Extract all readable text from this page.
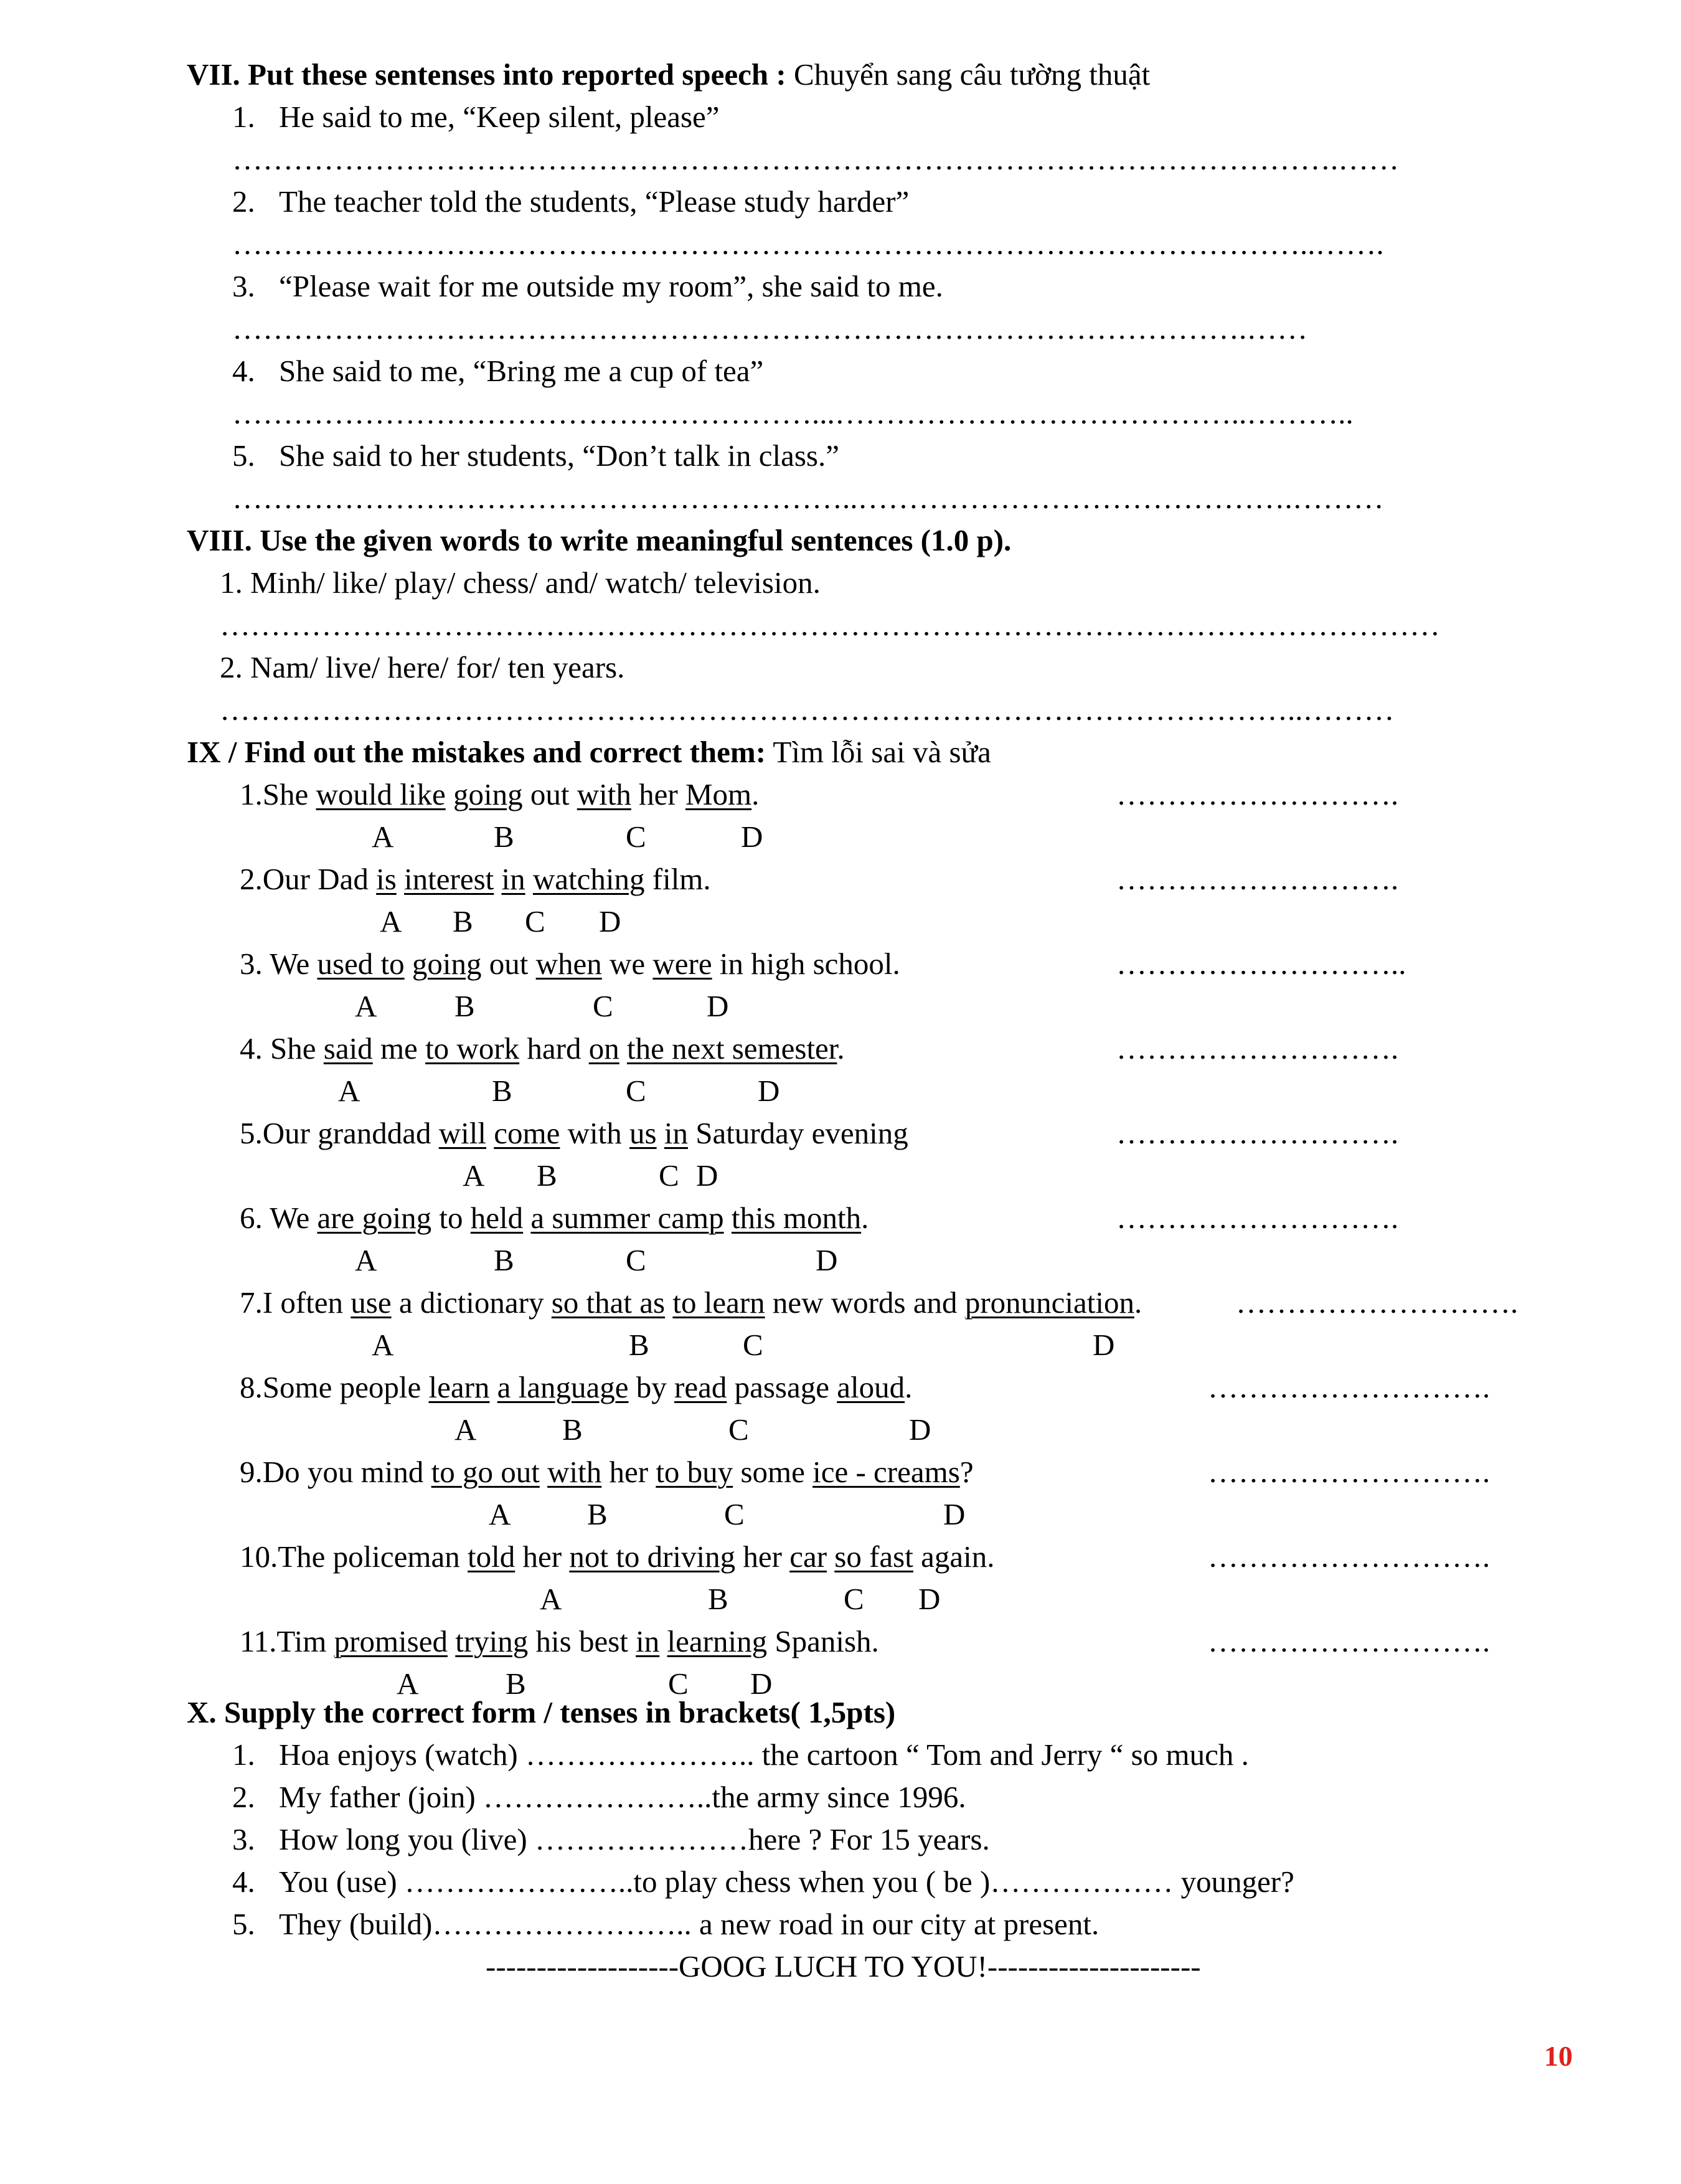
VII. Put these sentenses into reported speech : Chuyển sang câu tường thuật
1. He said to me, “Keep silent, please”
……………………………………………………………………………………………….……
2. The teacher told the students, “Please study harder”
……………………………………………………………………………………………..…….
3. “Please wait for me outside my room”, she said to me.
……………………………………………………………………………………….……
4. She said to me, “Bring me a cup of tea”
…………………………………………………...…………………………………..………..
5. She said to her students, “Don’t talk in class.”
……………………………………………………..…………………………………….………
VIII. Use the given words to write meaningful sentences (1.0 p).
1. Minh/ like/ play/ chess/ and/ watch/ television.
…………………………………………………………………………………………………………
2. Nam/ live/ here/ for/ ten years.
……………………………………………………………………………………………..………
IX / Find out the mistakes and correct them: Tìm lỗi sai và sửa
1.She would like going out with her Mom.	……………………….
A	B	C	D
2.Our Dad is interest in watching film.	……………………….
A B C D
3. We used to going out when we were in high school.	………………………..
A	B	C	D
4. She said me to work hard on the next semester.	……………………….
A	B	C	D
5.Our granddad will come with us in Saturday evening	……………………….
A B	C D
6. We are going to held a summer camp this month.	……………………….
A	B	C	D
7.I often use a dictionary so that as to learn new words and pronunciation.	……………………….
A	B	C	D
8.Some people learn a language by read passage aloud.	……………………….
A	B	C	D
9.Do you mind to go out with her to buy some ice - creams?	……………………….
A	B	C	D
10.The policeman told her not to driving her car so fast again.	……………………….
A	B	C D
11.Tim promised trying his best in learning Spanish.	……………………….
A	B	C D
X. Supply the correct form / tenses in brackets( 1,5pts)
1. Hoa enjoys (watch) ………………….. the cartoon “ Tom and Jerry “ so much .
2. My father (join) …………………..the army since 1996.
3. How long you (live) …………………here ? For 15 years.
4. You (use) …………………..to play chess when you ( be )……………… younger?
5. They (build)…………………….. a new road in our city at present.
-------------------GOOG LUCH TO YOU!---------------------
10
